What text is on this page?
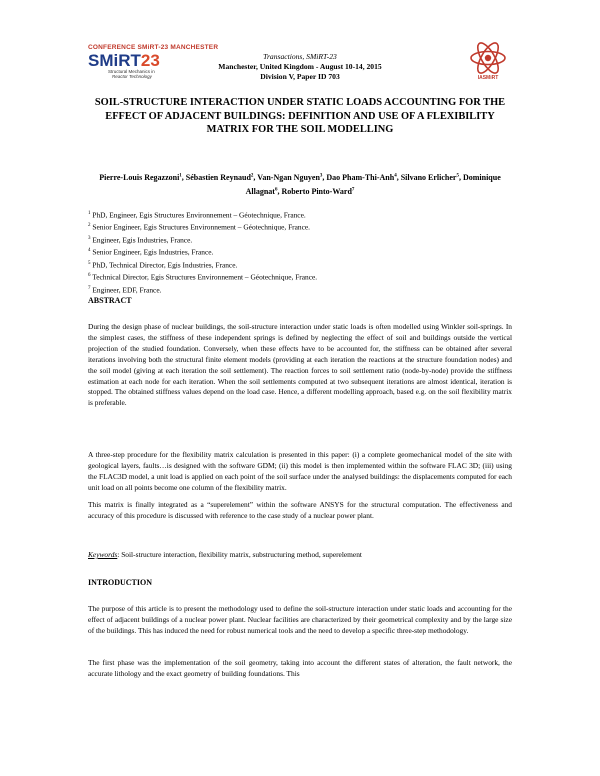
CONFERENCE SMiRT-23 MANCHESTER
SMiRT23
Structural Mechanics in
Reactor Technology
Transactions, SMiRT-23
Manchester, United Kingdom - August 10-14, 2015
Division V, Paper ID 703	IASMiRT
SOIL-STRUCTURE INTERACTION UNDER STATIC LOADS ACCOUNTING FOR THE EFFECT OF ADJACENT BUILDINGS: DEFINITION AND USE OF A FLEXIBILITY MATRIX FOR THE SOIL MODELLING
Pierre-Louis Regazzoni$^1$, Sébastien Reynaud$^2$, Van-Ngan Nguyen$^3$, Dao Pham-Thi-Anh$^4$, Silvano Erlicher$^5$, Dominique Allagnat$^6$, Roberto Pinto-Ward$^7$
$^1$ PhD, Engineer, Egis Structures Environnement – Géotechnique, France.
$^2$ Senior Engineer, Egis Structures Environnement – Géotechnique, France.
$^3$ Engineer, Egis Industries, France.
$^4$ Senior Engineer, Egis Industries, France.
$^5$ PhD, Technical Director, Egis Industries, France.
$^6$ Technical Director, Egis Structures Environnement – Géotechnique, France.
$^7$ Engineer, EDF, France.
ABSTRACT
During the design phase of nuclear buildings, the soil-structure interaction under static loads is often modelled using Winkler soil-springs. In the simplest cases, the stiffness of these independent springs is defined by neglecting the effect of soil and buildings outside the vertical projection of the studied foundation. Conversely, when these effects have to be accounted for, the stiffness can be obtained after several iterations involving both the structural finite element models (providing at each iteration the reactions at the structure foundation nodes) and the soil model (giving at each iteration the soil settlement). The reaction forces to soil settlement ratio (node-by-node) provide the stiffness estimation at each node for each iteration. When the soil settlements computed at two subsequent iterations are almost identical, iteration is stopped. The obtained stiffness values depend on the load case. Hence, a different modelling approach, based e.g. on the soil flexibility matrix is preferable.
A three-step procedure for the flexibility matrix calculation is presented in this paper: (i) a complete geomechanical model of the site with geological layers, faults…is designed with the software GDM; (ii) this model is then implemented within the software FLAC 3D; (iii) using the FLAC3D model, a unit load is applied on each point of the soil surface under the analysed buildings: the displacements computed for each unit load on all points become one column of the flexibility matrix.
This matrix is finally integrated as a “superelement” within the software ANSYS for the structural computation. The effectiveness and accuracy of this procedure is discussed with reference to the case study of a nuclear power plant.
Keywords: Soil-structure interaction, flexibility matrix, substructuring method, superelement
INTRODUCTION
The purpose of this article is to present the methodology used to define the soil-structure interaction under static loads and accounting for the effect of adjacent buildings of a nuclear power plant. Nuclear facilities are characterized by their geometrical complexity and by the large size of the buildings. This has induced the need for robust numerical tools and the need to develop a specific three-step methodology.
The first phase was the implementation of the soil geometry, taking into account the different states of alteration, the fault network, the accurate lithology and the exact geometry of building foundations. This
